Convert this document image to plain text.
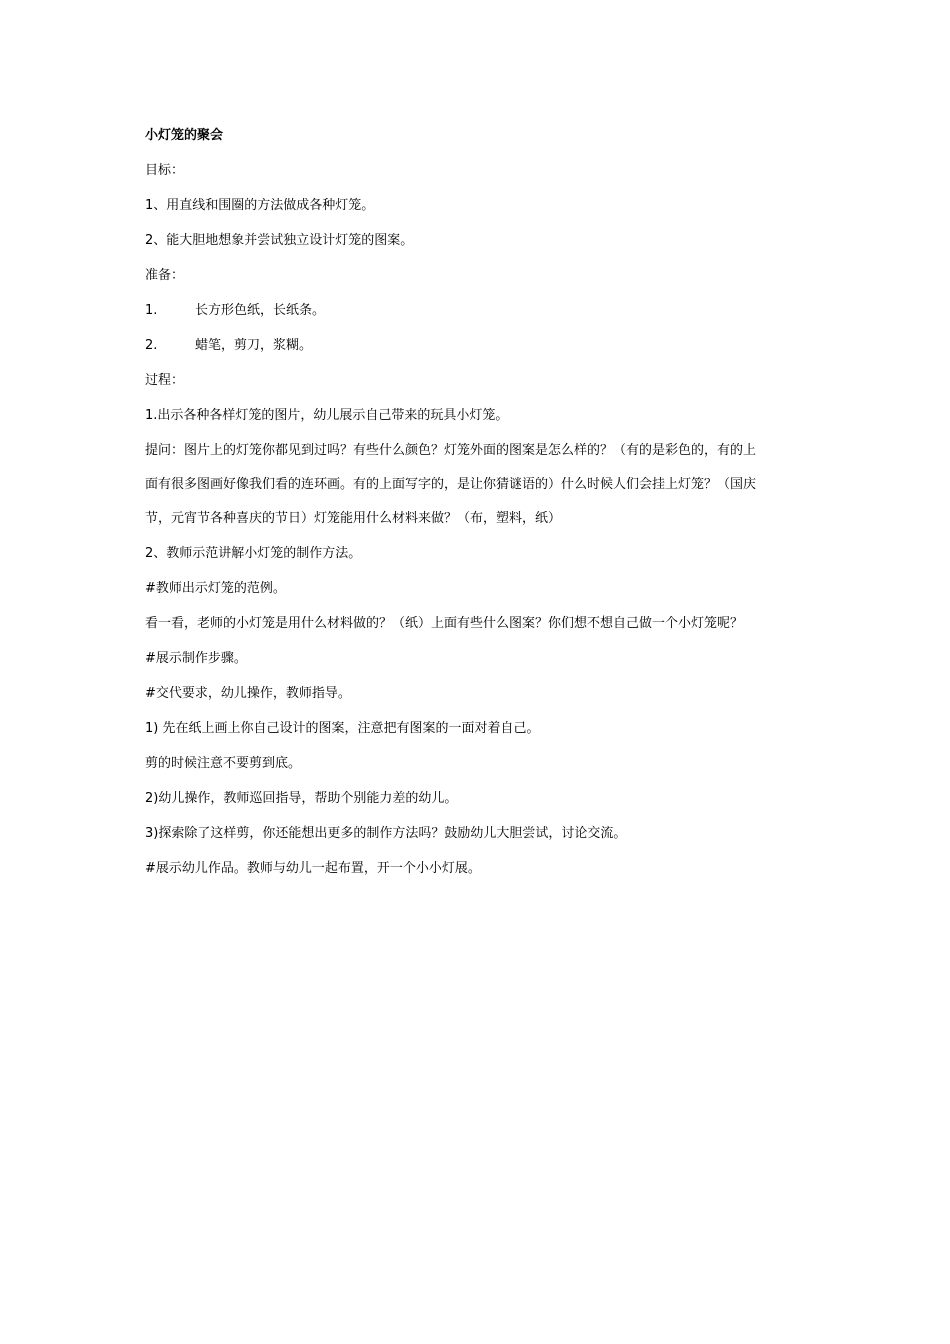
小灯笼的聚会
目标：
1、用直线和围圈的方法做成各种灯笼。
2、能大胆地想象并尝试独立设计灯笼的图案。
准备：
1.	长方形色纸，长纸条。
2.	蜡笔，剪刀，浆糊。
过程：
1.出示各种各样灯笼的图片，幼儿展示自己带来的玩具小灯笼。
提问：图片上的灯笼你都见到过吗？有些什么颜色？灯笼外面的图案是怎么样的？（有的是彩色的，有的上
面有很多图画好像我们看的连环画。有的上面写字的，是让你猜谜语的）什么时候人们会挂上灯笼？（国庆
节，元宵节各种喜庆的节日）灯笼能用什么材料来做？（布，塑料，纸）
2、教师示范讲解小灯笼的制作方法。
#教师出示灯笼的范例。
看一看，老师的小灯笼是用什么材料做的？（纸）上面有些什么图案？你们想不想自己做一个小灯笼呢？
#展示制作步骤。
#交代要求，幼儿操作，教师指导。
1) 先在纸上画上你自己设计的图案，注意把有图案的一面对着自己。
剪的时候注意不要剪到底。
2)幼儿操作，教师巡回指导，帮助个别能力差的幼儿。
3)探索除了这样剪，你还能想出更多的制作方法吗？鼓励幼儿大胆尝试，讨论交流。
#展示幼儿作品。教师与幼儿一起布置，开一个小小灯展。
